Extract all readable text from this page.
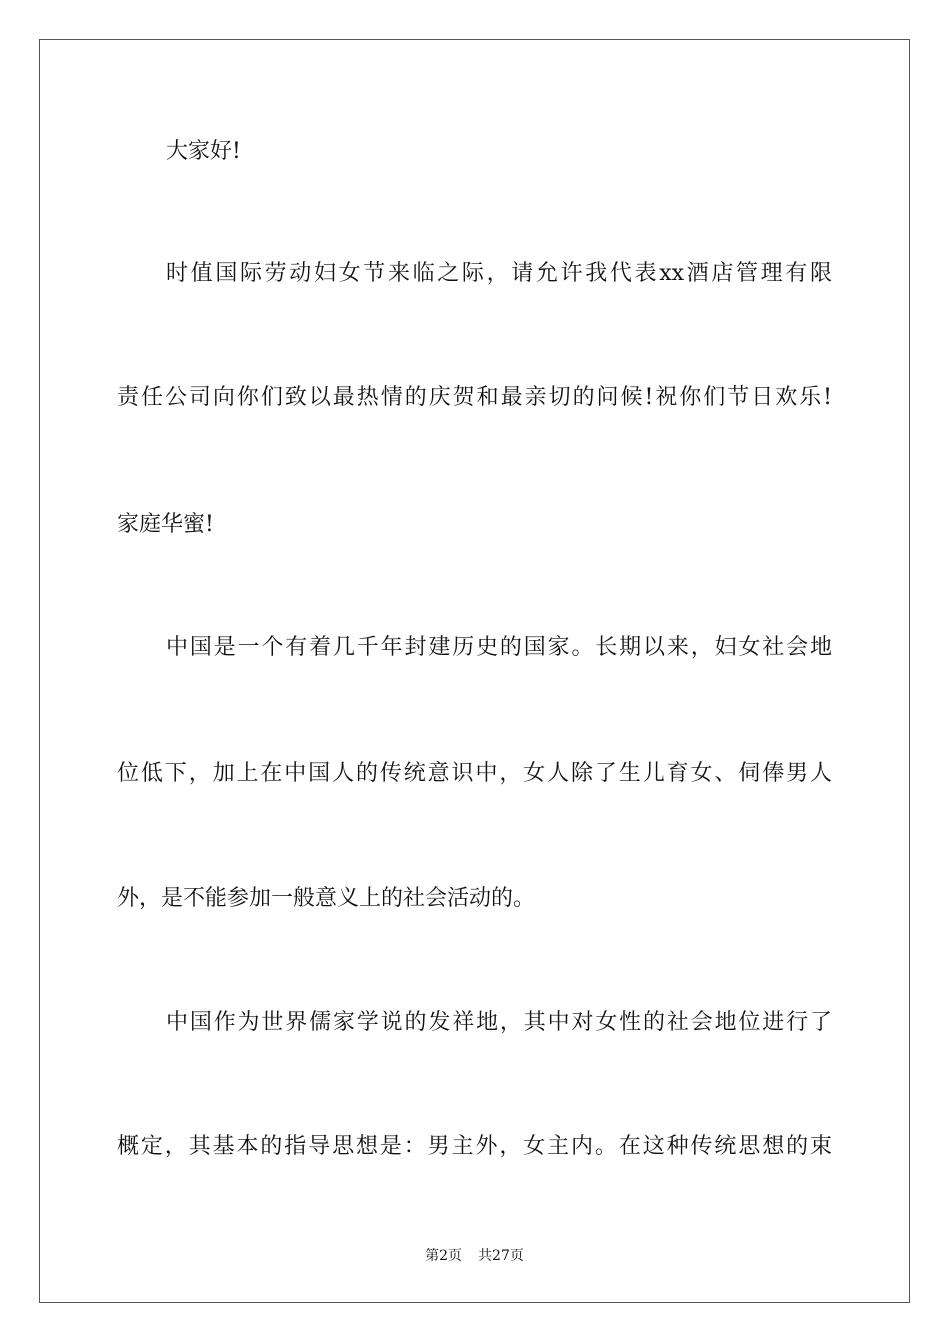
大家好!
时值国际劳动妇女节来临之际，请允许我代表xx酒店管理有限
责任公司向你们致以最热情的庆贺和最亲切的问候!祝你们节日欢乐!
家庭华蜜!
中国是一个有着几千年封建历史的国家。长期以来，妇女社会地
位低下，加上在中国人的传统意识中，女人除了生儿育女、伺俸男人
外，是不能参加一般意义上的社会活动的。
中国作为世界儒家学说的发祥地，其中对女性的社会地位进行了
概定，其基本的指导思想是：男主外，女主内。在这种传统思想的束
第2页 共27页
